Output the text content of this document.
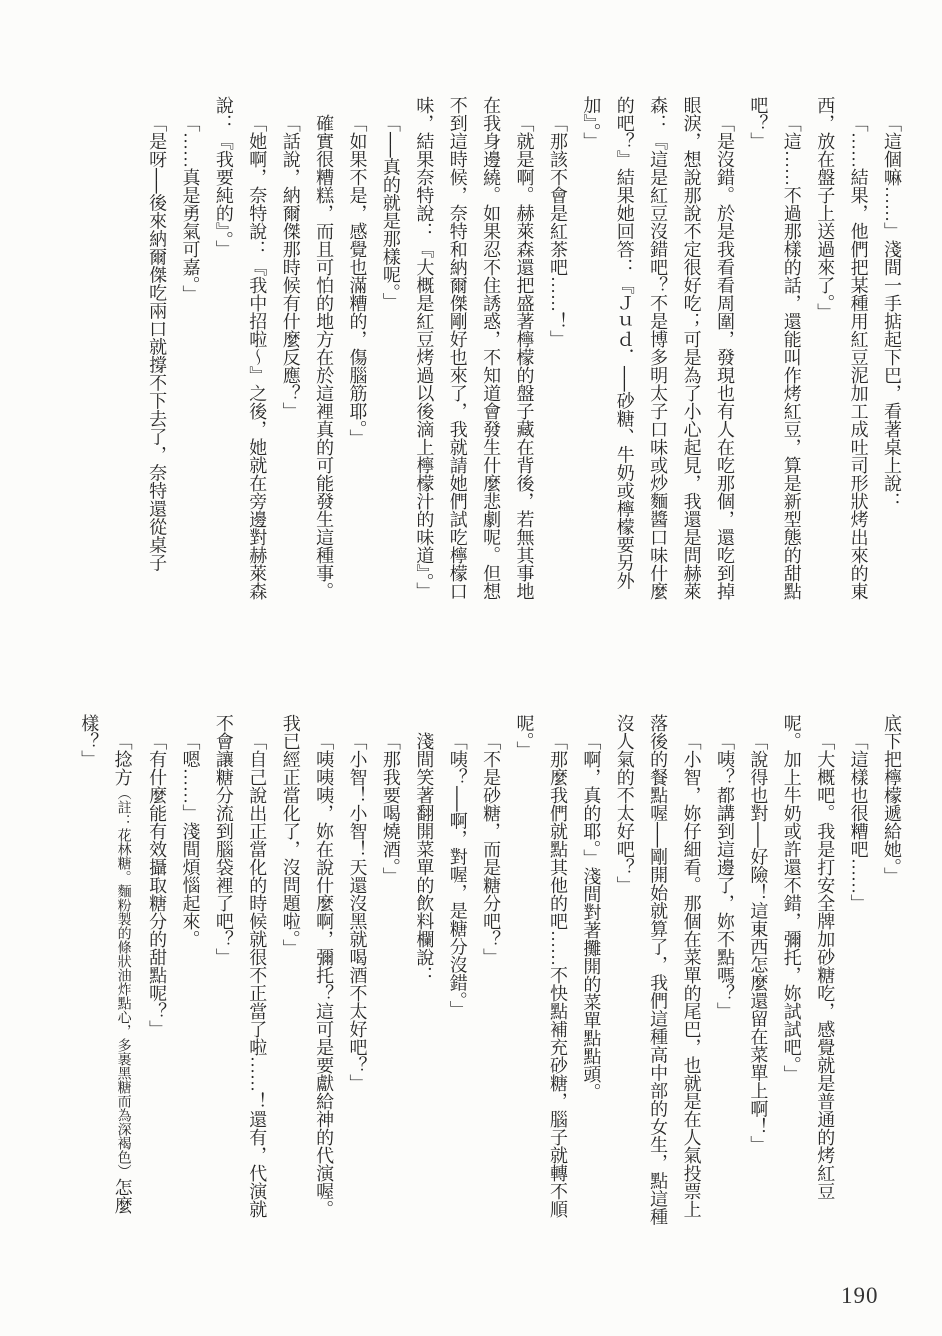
「這個嘛……」淺間一手掂起下巴，看著桌上說：

「……結果，他們把某種用紅豆泥加工成吐司形狀烤出來的東西，放在盤子上送過來了。」

「這……不過那樣的話，還能叫作烤紅豆，算是新型態的甜點吧？」

「是沒錯。於是我看看周圍，發現也有人在吃那個，還吃到掉眼淚，想說那說不定很好吃；可是為了小心起見，我還是問赫萊森：『這是紅豆沒錯吧？不是博多明太子口味或炒麵醬口味什麼的吧？』結果她回答：『Ｊｕｄ．──砂糖、牛奶或檸檬要另外加』。」

「那該不會是紅茶吧……！」

「就是啊。赫萊森還把盛著檸檬的盤子藏在背後，若無其事地在我身邊繞。如果忍不住誘惑，不知道會發生什麼悲劇呢。但想不到這時候，奈特和納爾傑剛好也來了，我就請她們試吃檸檬口味，結果奈特說：『大概是紅豆烤過以後滴上檸檬汁的味道』。」

「──真的就是那樣呢。」

「如果不是，感覺也滿糟的，傷腦筋耶。」

確實很糟糕，而且可怕的地方在於這裡真的可能發生這種事。

「話說，納爾傑那時候有什麼反應？」

「她啊，奈特說：『我中招啦～』之後，她就在旁邊對赫萊森說：『我要純的』。」

「……真是勇氣可嘉。」

「是呀──後來納爾傑吃兩口就撐不下去了，奈特還從桌子

底下把檸檬遞給她。」

「這樣也很糟吧……」

「大概吧。我是打安全牌加砂糖吃，感覺就是普通的烤紅豆呢。加上牛奶或許還不錯，彌托，妳試試吧。」

「說得也對──好險！這東西怎麼還留在菜單上啊！」

「咦？都講到這邊了，妳不點嗎？」

「小智，妳仔細看。那個在菜單的尾巴，也就是在人氣投票上落後的餐點喔──剛開始就算了，我們這種高中部的女生，點這種沒人氣的不太好吧？」

「啊，真的耶。」淺間對著攤開的菜單點點頭。

「那麼我們就點其他的吧……不快點補充砂糖，腦子就轉不順呢。」

「不是砂糖，而是糖分吧？」

「咦？──啊，對喔，是糖分沒錯。」

淺間笑著翻開菜單的飲料欄說：

「那我要喝燒酒。」

「小智！小智！天還沒黑就喝酒不太好吧？」

「咦咦咦，妳在說什麼啊，彌托？這可是要獻給神的代演喔。我已經正當化了，沒問題啦。」

「自己說出正當化的時候就很不正當了啦……！還有，代演就不會讓糖分流到腦袋裡了吧？」

「嗯……」淺間煩惱起來。

「有什麼能有效攝取糖分的甜點呢？」

「捻方（註：花林糖。麵粉製的條狀油炸點心，多裹黑糖而為深褐色）怎麼樣？」

190
